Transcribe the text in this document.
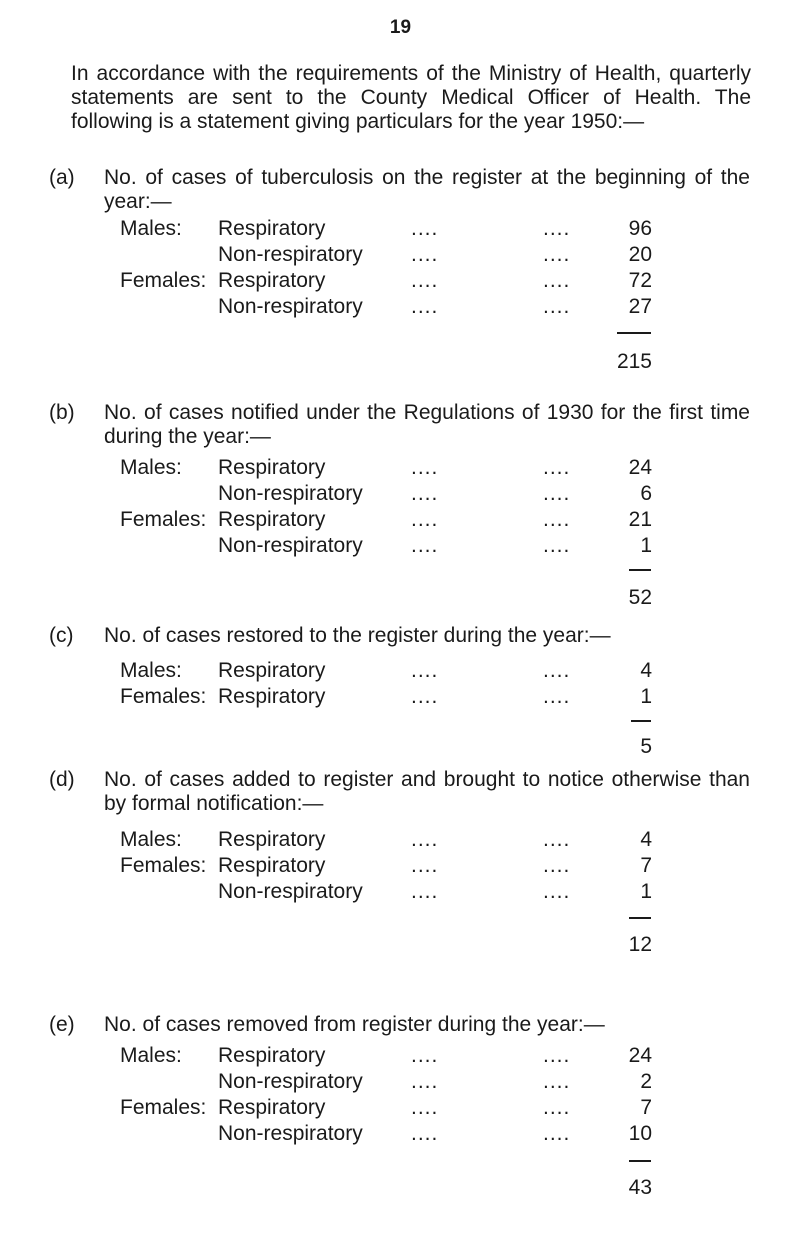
19

In accordance with the requirements of the Ministry of Health, quarterly statements are sent to the County Medical Officer of Health. The following is a statement giving particulars for the year 1950:—

(a) No. of cases of tuberculosis on the register at the beginning of the year:—

Males: Respiratory	....	....	96
Non-respiratory ....	....	20
Females: Respiratory	....	....	72
Non-respiratory ....	....	27
215
(b) No. of cases notified under the Regulations of 1930 for the first time during the year:—

Males: Respiratory	....	....	24
Non-respiratory ....	....	6
Females: Respiratory	....	....	21
Non-respiratory ....	....	1
52
(c) No. of cases restored to the register during the year:—

Males: Respiratory	....	....	4
Females: Respiratory	....	....	1
5
(d) No. of cases added to register and brought to notice otherwise than by formal notification:—

Males: Respiratory	....	....	4
Females: Respiratory	....	....	7
Non-respiratory ....	....	1
12
(e) No. of cases removed from register during the year:—

Males: Respiratory	....	....	24
Non-respiratory ....	....	2
Females: Respiratory	....	....	7
Non-respiratory ....	....	10
43
